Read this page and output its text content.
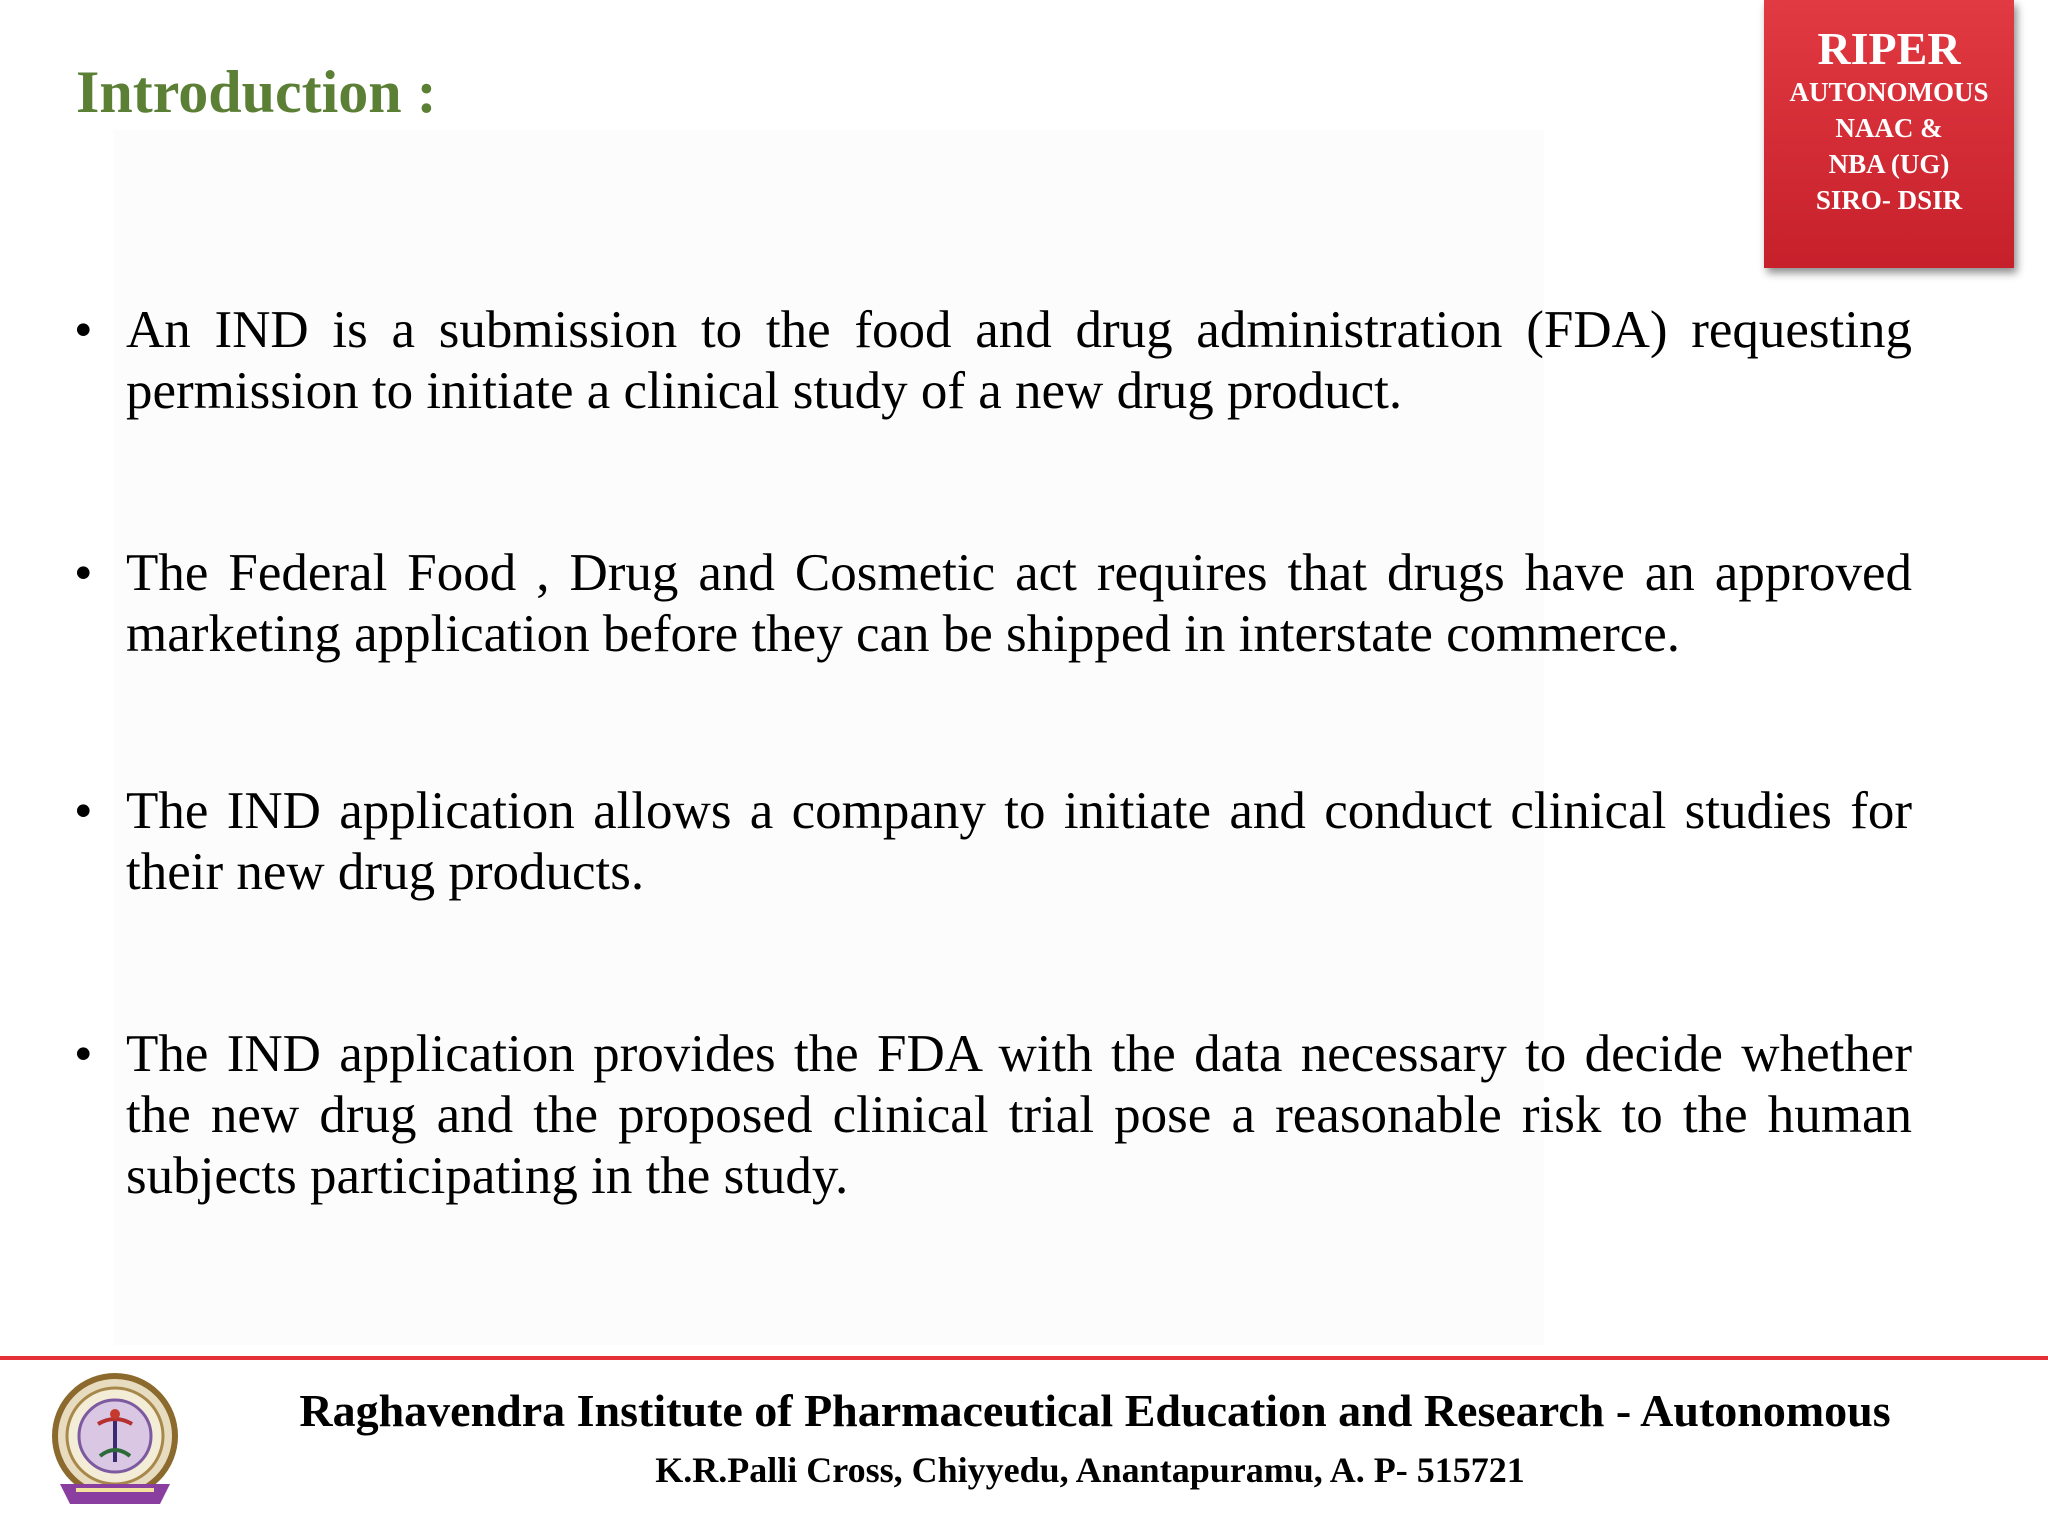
Introduction :
RIPER
AUTONOMOUS
NAAC &
NBA (UG)
SIRO- DSIR
• An IND is a submission to the food and drug administration (FDA) requesting permission to initiate a clinical study of a new drug product.
• The Federal Food , Drug and Cosmetic act requires that drugs have an approved marketing application before they can be shipped in interstate commerce.
• The IND application allows a company to initiate and conduct clinical studies for their new drug products.
• The IND application provides the FDA with the data necessary to decide whether the new drug and the proposed clinical trial pose a reasonable risk to the human subjects participating in the study.
Raghavendra Institute of Pharmaceutical Education and Research - Autonomous
K.R.Palli Cross, Chiyyedu, Anantapuramu, A. P- 515721
